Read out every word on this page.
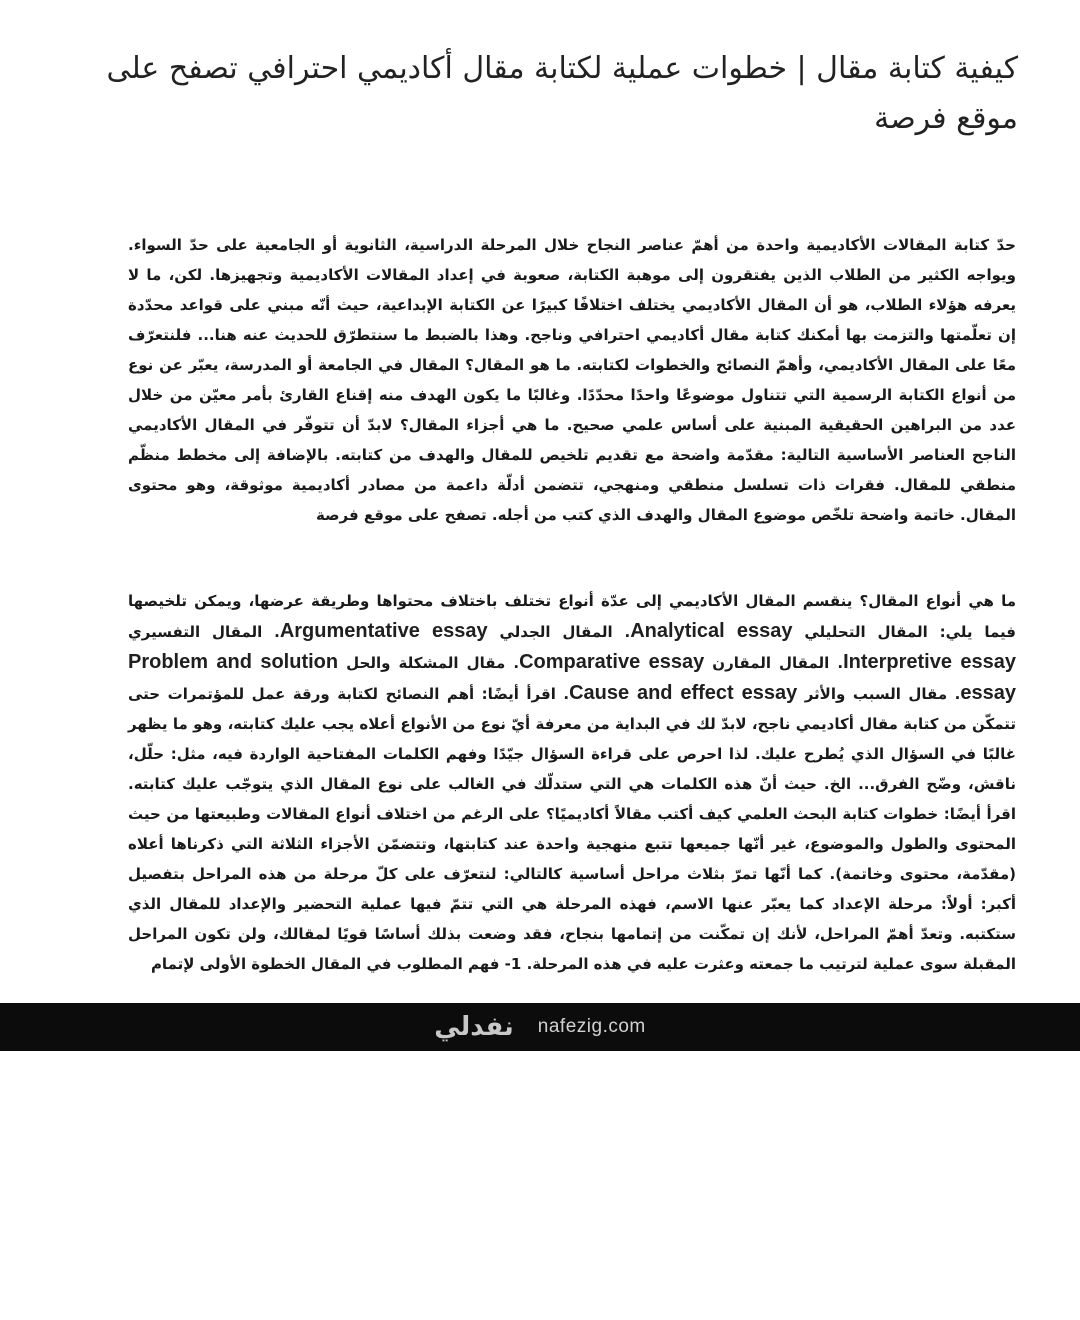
كيفية كتابة مقال | خطوات عملية لكتابة مقال أكاديمي احترافي تصفح على موقع فرصة

حدّ كتابة المقالات الأكاديمية واحدة من أهمّ عناصر النجاح خلال المرحلة الدراسية، الثانوية أو الجامعية على حدّ السواء. ويواجه الكثير من الطلاب الذين يفتقرون إلى موهبة الكتابة، صعوبة في إعداد المقالات الأكاديمية وتجهيزها. لكن، ما لا يعرفه هؤلاء الطلاب، هو أن المقال الأكاديمي يختلف اختلافًا كبيرًا عن الكتابة الإبداعية، حيث أنّه مبني على قواعد محدّدة إن تعلّمتها والتزمت بها أمكنك كتابة مقال أكاديمي احترافي وناجح. وهذا بالضبط ما سنتطرّق للحديث عنه هنا... فلنتعرّف معًا على المقال الأكاديمي، وأهمّ النصائح والخطوات لكتابته. ما هو المقال؟ المقال في الجامعة أو المدرسة، يعبّر عن نوع من أنواع الكتابة الرسمية التي تتناول موضوعًا واحدًا محدّدًا. وغالبًا ما يكون الهدف منه إقناع القارئ بأمر معيّن من خلال عدد من البراهين الحقيقية المبنية على أساس علمي صحيح. ما هي أجزاء المقال؟ لابدّ أن تتوفّر في المقال الأكاديمي الناجح العناصر الأساسية التالية: مقدّمة واضحة مع تقديم تلخيص للمقال والهدف من كتابته. بالإضافة إلى مخطط منظّم منطقي للمقال. فقرات ذات تسلسل منطقي ومنهجي، تتضمن أدلّة داعمة من مصادر أكاديمية موثوقة، وهو محتوى المقال. خاتمة واضحة تلخّص موضوع المقال والهدف الذي كتب من أجله. تصفح على موقع فرصة

ما هي أنواع المقال؟ ينقسم المقال الأكاديمي إلى عدّة أنواع تختلف باختلاف محتواها وطريقة عرضها، ويمكن تلخيصها فيما يلي: المقال التحليلي Analytical essay. المقال الجدلي Argumentative essay. المقال التفسيري Interpretive essay. المقال المقارن Comparative essay. مقال المشكلة والحل Problem and solution essay. مقال السبب والأثر Cause and effect essay. اقرأ أيضًا: أهم النصائح لكتابة ورقة عمل للمؤتمرات حتى تتمكّن من كتابة مقال أكاديمي ناجح، لابدّ لك في البداية من معرفة أيّ نوع من الأنواع أعلاه يجب عليك كتابته، وهو ما يظهر غالبًا في السؤال الذي يُطرح عليك. لذا احرص على قراءة السؤال جيّدًا وفهم الكلمات المفتاحية الواردة فيه، مثل: حلّل، ناقش، وضّح الفرق... الخ. حيث أنّ هذه الكلمات هي التي ستدلّك في الغالب على نوع المقال الذي يتوجّب عليك كتابته. اقرأ أيضًا: خطوات كتابة البحث العلمي كيف أكتب مقالاً أكاديميًا؟ على الرغم من اختلاف أنواع المقالات وطبيعتها من حيث المحتوى والطول والموضوع، غير أنّها جميعها تتبع منهجية واحدة عند كتابتها، وتتضمّن الأجزاء الثلاثة التي ذكرناها أعلاه (مقدّمة، محتوى وخاتمة). كما أنّها تمرّ بثلاث مراحل أساسية كالتالي: لنتعرّف على كلّ مرحلة من هذه المراحل بتفصيل أكبر: أولاً: مرحلة الإعداد كما يعبّر عنها الاسم، فهذه المرحلة هي التي تتمّ فيها عملية التحضير والإعداد للمقال الذي ستكتبه. وتعدّ أهمّ المراحل، لأنك إن تمكّنت من إتمامها بنجاح، فقد وضعت بذلك أساسًا قويًا لمقالك، ولن تكون المراحل المقبلة سوى عملية لترتيب ما جمعته وعثرت عليه في هذه المرحلة. 1- فهم المطلوب في المقال الخطوة الأولى لإتمام

نفدلي nafezig.com
